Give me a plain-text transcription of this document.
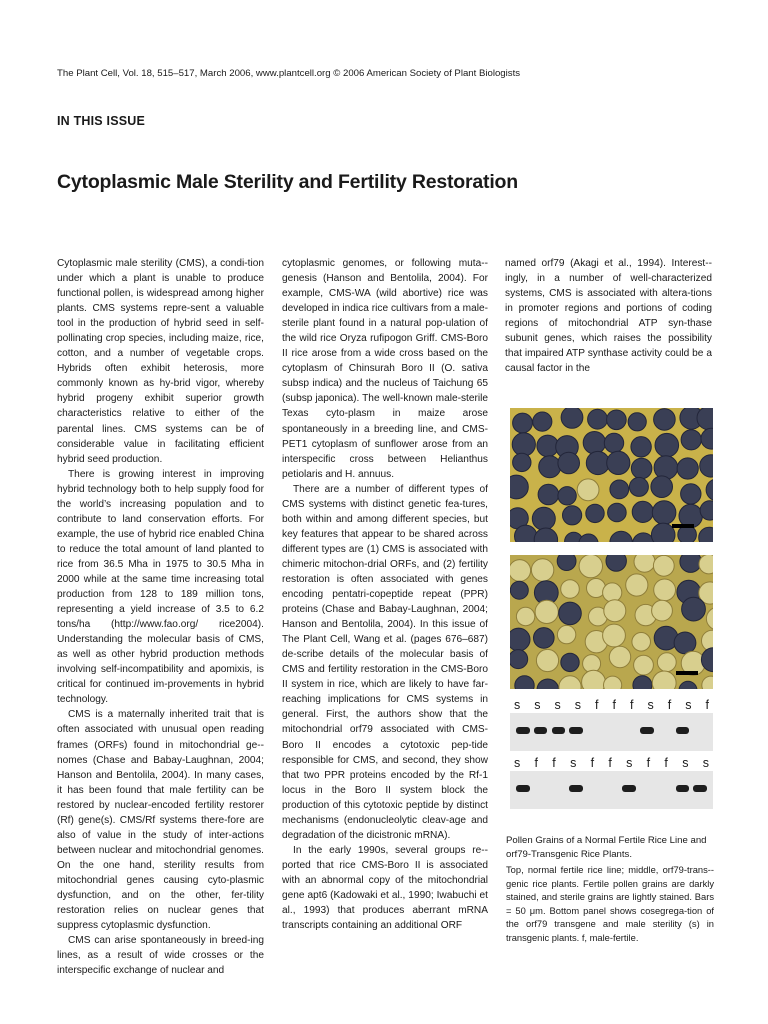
The Plant Cell, Vol. 18, 515–517, March 2006, www.plantcell.org © 2006 American Society of Plant Biologists
IN THIS ISSUE
Cytoplasmic Male Sterility and Fertility Restoration

Cytoplasmic male sterility (CMS), a condi-tion under which a plant is unable to produce functional pollen, is widespread among higher plants. CMS systems repre-sent a valuable tool in the production of hybrid seed in self-pollinating crop species, including maize, rice, cotton, and a number of vegetable crops. Hybrids often exhibit heterosis, more commonly known as hy-brid vigor, whereby hybrid progeny exhibit superior growth characteristics relative to either of the parental lines. CMS systems can be of considerable value in facilitating efficient hybrid seed production.

There is growing interest in improving hybrid technology both to help supply food for the world’s increasing population and to contribute to land conservation efforts. For example, the use of hybrid rice enabled China to reduce the total amount of land planted to rice from 36.5 Mha in 1975 to 30.5 Mha in 2000 while at the same time increasing total production from 128 to 189 million tons, representing a yield increase of 3.5 to 6.2 tons/ha (http://www.fao.org/ rice2004). Understanding the molecular basis of CMS, as well as other hybrid production methods involving self-incompatibility and apomixis, is critical for continued im-provements in hybrid technology.

CMS is a maternally inherited trait that is often associated with unusual open reading frames (ORFs) found in mitochondrial ge-nomes (Chase and Babay-Laughnan, 2004; Hanson and Bentolila, 2004). In many cases, it has been found that male fertility can be restored by nuclear-encoded fertility restorer (Rf) gene(s). CMS/Rf systems there-fore are also of value in the study of inter-actions between nuclear and mitochondrial genomes. On the one hand, sterility results from mitochondrial genes causing cyto-plasmic dysfunction, and on the other, fer-tility restoration relies on nuclear genes that suppress cytoplasmic dysfunction.

CMS can arise spontaneously in breed-ing lines, as a result of wide crosses or the interspecific exchange of nuclear and

cytoplasmic genomes, or following muta-genesis (Hanson and Bentolila, 2004). For example, CMS-WA (wild abortive) rice was developed in indica rice cultivars from a male-sterile plant found in a natural pop-ulation of the wild rice Oryza rufipogon Griff. CMS-Boro II rice arose from a wide cross based on the cytoplasm of Chinsurah Boro II (O. sativa subsp indica) and the nucleus of Taichung 65 (subsp japonica). The well-known male-sterile Texas cyto-plasm in maize arose spontaneously in a breeding line, and CMS-PET1 cytoplasm of sunflower arose from an interspecific cross between Helianthus petiolaris and H. annuus.

There are a number of different types of CMS systems with distinct genetic fea-tures, both within and among different species, but key features that appear to be shared across different types are (1) CMS is associated with chimeric mitochon-drial ORFs, and (2) fertility restoration is often associated with genes encoding pentatri-copeptide repeat (PPR) proteins (Chase and Babay-Laughnan, 2004; Hanson and Bentolila, 2004). In this issue of The Plant Cell, Wang et al. (pages 676–687) de-scribe details of the molecular basis of CMS and fertility restoration in the CMS-Boro II system in rice, which are likely to have far-reaching implications for CMS systems in general. First, the authors show that the mitochondrial orf79 associated with CMS-Boro II encodes a cytotoxic pep-tide responsible for CMS, and second, they show that two PPR proteins encoded by the Rf-1 locus in the Boro II system block the production of this cytotoxic peptide by distinct mechanisms (endonucleolytic cleav-age and degradation of the dicistronic mRNA).

In the early 1990s, several groups re-ported that rice CMS-Boro II is associated with an abnormal copy of the mitochondrial gene apt6 (Kadowaki et al., 1990; Iwabuchi et al., 1993) that produces aberrant mRNA transcripts containing an additional ORF

named orf79 (Akagi et al., 1994). Interest-ingly, in a number of well-characterized systems, CMS is associated with altera-tions in promoter regions and portions of coding regions of mitochondrial ATP syn-thase subunit genes, which raises the possibility that impaired ATP synthase activity could be a causal factor in the

s s s s f f f s f s f
s f f s f f s f f s s

Pollen Grains of a Normal Fertile Rice Line and orf79-Transgenic Rice Plants.

Top, normal fertile rice line; middle, orf79-trans-genic rice plants. Fertile pollen grains are darkly stained, and sterile grains are lightly stained. Bars = 50 μm. Bottom panel shows cosegrega-tion of the orf79 transgene and male sterility (s) in transgenic plants. f, male-fertile.
